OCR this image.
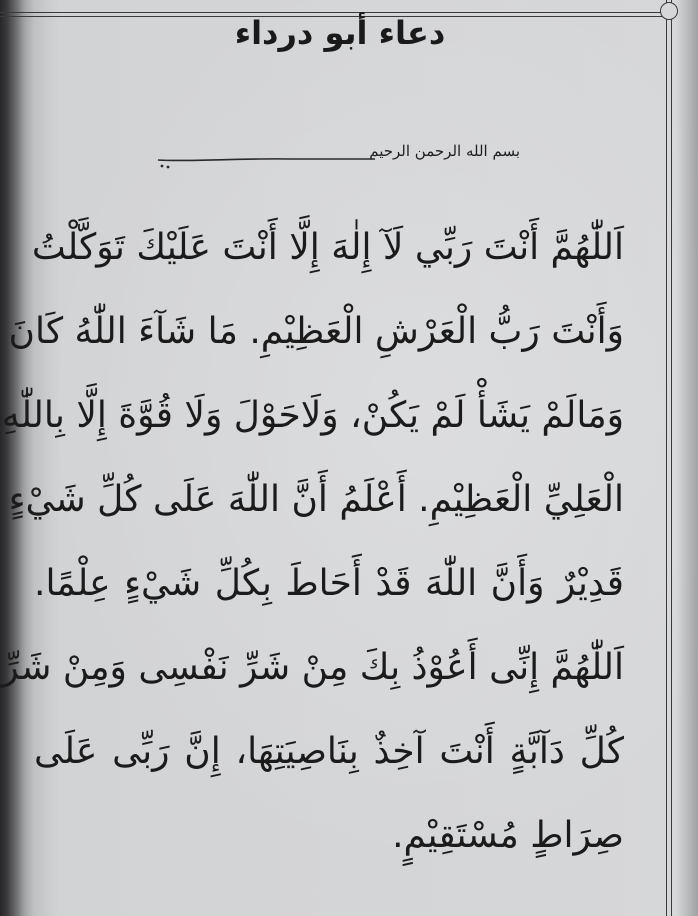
دعاء أبو درداء
بسم الله الرحمن الرحيم
اَللّٰهُمَّ أَنْتَ رَبِّي لَآ إِلٰهَ إِلَّا أَنْتَ عَلَيْكَ تَوَكَّلْتُ
وَأَنْتَ رَبُّ الْعَرْشِ الْعَظِيْمِ. مَا شَآءَ اللّٰهُ كَانَ
وَمَالَمْ يَشَأْ لَمْ يَكُنْ، وَلَاحَوْلَ وَلَا قُوَّةَ إِلَّا بِاللّٰهِ
الْعَلِيِّ الْعَظِيْمِ. أَعْلَمُ أَنَّ اللّٰهَ عَلَى كُلِّ شَيْءٍ
قَدِيْرٌ وَأَنَّ اللّٰهَ قَدْ أَحَاطَ بِكُلِّ شَيْءٍ عِلْمًا.
اَللّٰهُمَّ إِنِّى أَعُوْذُ بِكَ مِنْ شَرِّ نَفْسِى وَمِنْ شَرِّ
كُلِّ دَآبَّةٍ أَنْتَ آخِذٌ بِنَاصِيَتِهَا، إِنَّ رَبِّى عَلَى
صِرَاطٍ مُسْتَقِيْمٍ.
